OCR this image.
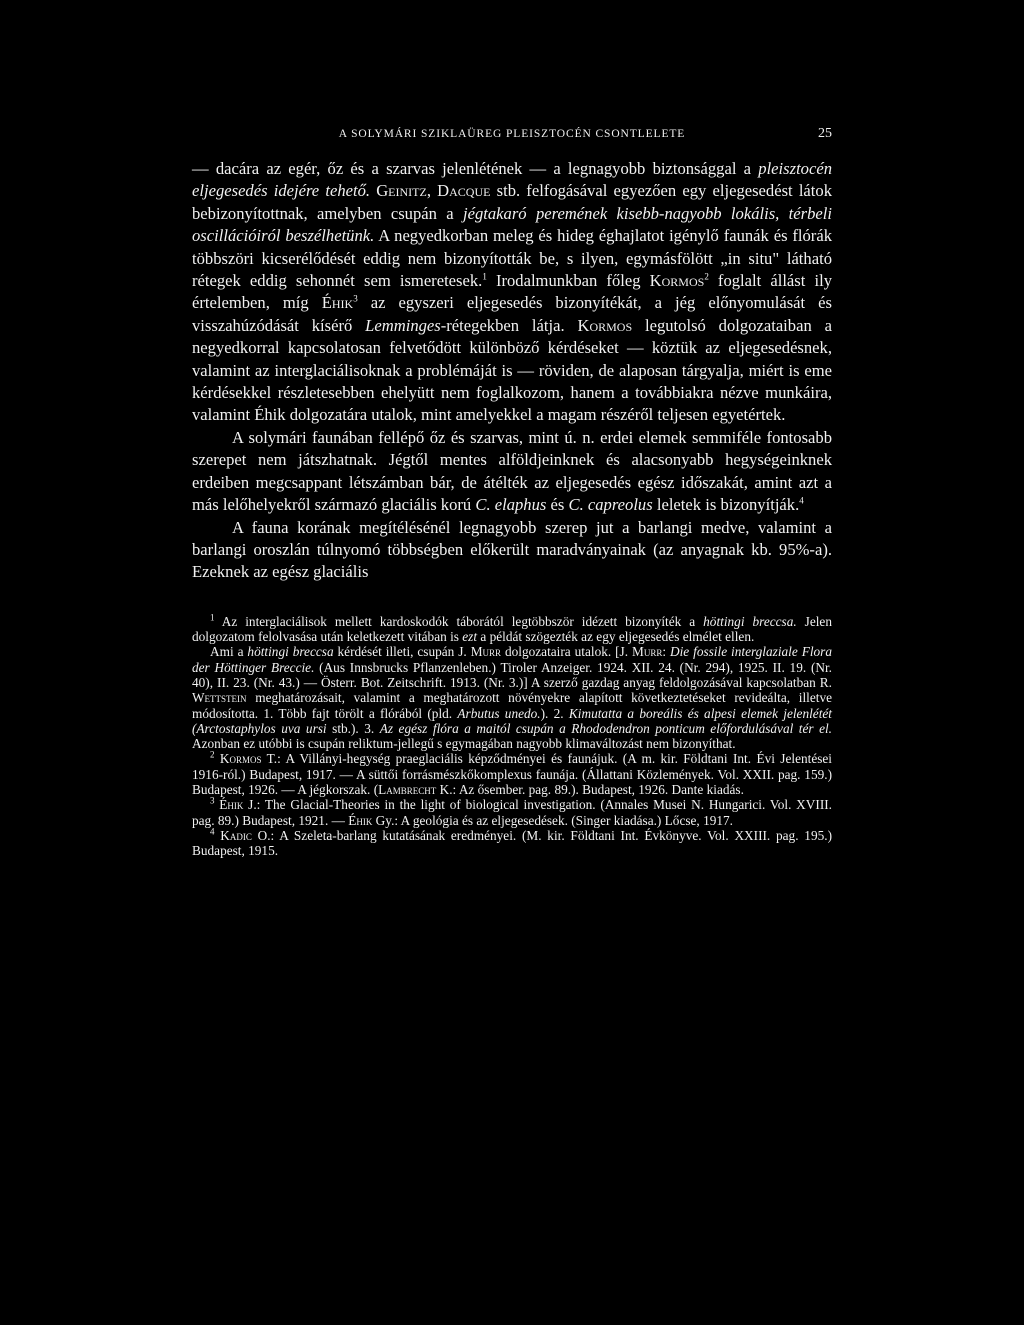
A SOLYMÁRI SZIKLAÜREG PLEISZTOCÉN CSONTLELETE	25

— dacára az egér, őz és a szarvas jelenlétének — a legnagyobb biztonsággal a pleisztocén eljegesedés idejére tehető. Geinitz, Dacque stb. felfogásával egyezően egy eljegesedést látok bebizonyítottnak, amelyben csupán a jégtakaró peremének kisebb-nagyobb lokális, térbeli oscillációiról beszélhetünk. A negyedkorban meleg és hideg éghajlatot igénylő faunák és flórák többszöri kicserélődését eddig nem bizonyították be, s ilyen, egymásfölött „in situ" látható rétegek eddig sehonnét sem ismeretesek.$^1$ Irodalmunkban főleg Kormos$^2$ foglalt állást ily értelemben, míg Éhik$^3$ az egyszeri eljegesedés bizonyítékát, a jég előnyomulását és visszahúzódását kísérő Lemminges-rétegekben látja. Kormos legutolsó dolgozataiban a negyedkorral kapcsolatosan felvetődött különböző kérdéseket — köztük az eljegesedésnek, valamint az interglaciálisoknak a problémáját is — röviden, de alaposan tárgyalja, miért is eme kérdésekkel részletesebben ehelyütt nem foglalkozom, hanem a továbbiakra nézve munkáira, valamint Éhik dolgozatára utalok, mint amelyekkel a magam részéről teljesen egyetértek.

A solymári faunában fellépő őz és szarvas, mint ú. n. erdei elemek semmiféle fontosabb szerepet nem játszhatnak. Jégtől mentes alföldjeinknek és alacsonyabb hegységeinknek erdeiben megcsappant létszámban bár, de átélték az eljegesedés egész időszakát, amint azt a más lelőhelyekről származó glaciális korú C. elaphus és C. capreolus leletek is bizonyítják.$^4$

A fauna korának megítélésénél legnagyobb szerep jut a barlangi medve, valamint a barlangi oroszlán túlnyomó többségben előkerült maradványainak (az anyagnak kb. 95%-a). Ezeknek az egész glaciális

$^1$ Az interglaciálisok mellett kardoskodók táborától legtöbbször idézett bizonyíték a höttingi breccsa. Jelen dolgozatom felolvasása után keletkezett vitában is ezt a példát szögezték az egy eljegesedés elmélet ellen.

Ami a höttingi breccsa kérdését illeti, csupán J. Murr dolgozataira utalok. [J. Murr: Die fossile interglaziale Flora der Höttinger Breccie. (Aus Innsbrucks Pflanzenleben.) Tiroler Anzeiger. 1924. XII. 24. (Nr. 294), 1925. II. 19. (Nr. 40), II. 23. (Nr. 43.) — Österr. Bot. Zeitschrift. 1913. (Nr. 3.)] A szerző gazdag anyag feldolgozásával kapcsolatban R. Wettstein meghatározásait, valamint a meghatározott növényekre alapított következtetéseket revideálta, illetve módosította. 1. Több fajt törölt a flórából (pld. Arbutus unedo.). 2. Kimutatta a boreális és alpesi elemek jelenlétét (Arctostaphylos uva ursi stb.). 3. Az egész flóra a maitól csupán a Rhododendron ponticum előfordulásával tér el. Azonban ez utóbbi is csupán reliktum-jellegű s egymagában nagyobb klimaváltozást nem bizonyíthat.

$^2$ Kormos T.: A Villányi-hegység praeglaciális képződményei és faunájuk. (A m. kir. Földtani Int. Évi Jelentései 1916-ról.) Budapest, 1917. — A süttői forrásmészkőkomplexus faunája. (Állattani Közlemények. Vol. XXII. pag. 159.) Budapest, 1926. — A jégkorszak. (Lambrecht K.: Az ősember. pag. 89.). Budapest, 1926. Dante kiadás.

$^3$ Éhik J.: The Glacial-Theories in the light of biological investigation. (Annales Musei N. Hungarici. Vol. XVIII. pag. 89.) Budapest, 1921. — Éhik Gy.: A geológia és az eljegesedések. (Singer kiadása.) Lőcse, 1917.

$^4$ Kadic O.: A Szeleta-barlang kutatásának eredményei. (M. kir. Földtani Int. Évkönyve. Vol. XXIII. pag. 195.) Budapest, 1915.
